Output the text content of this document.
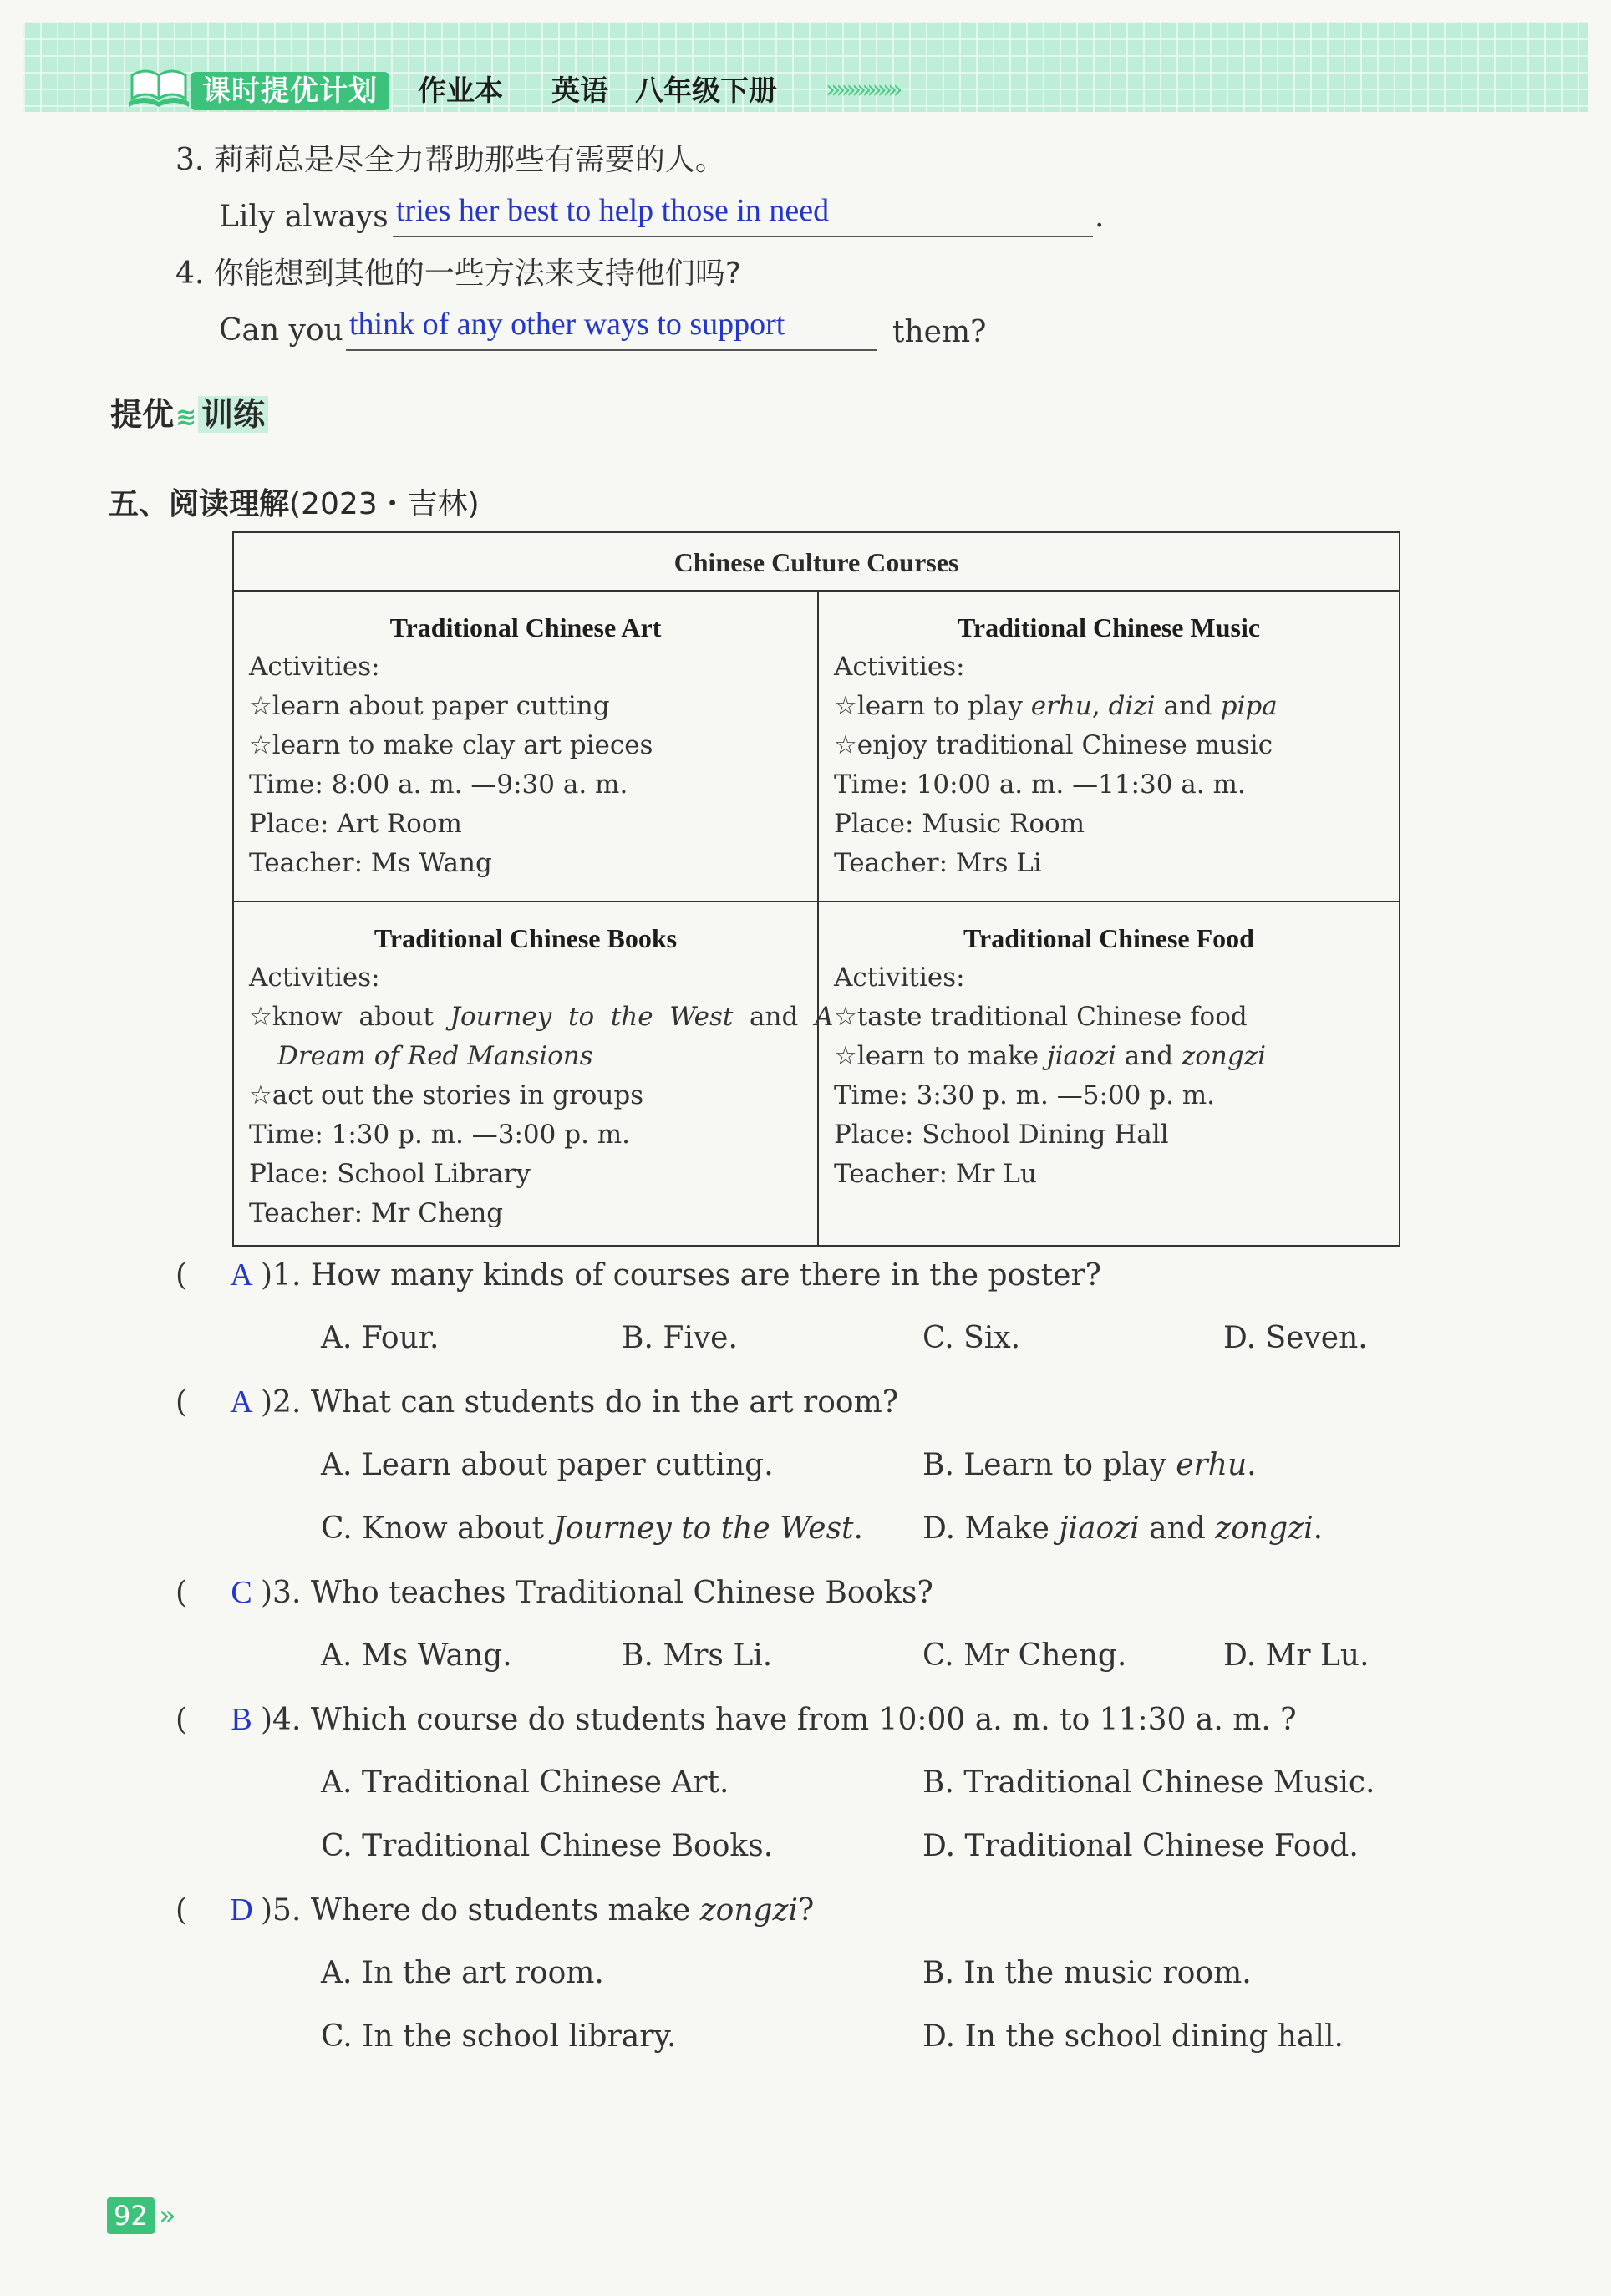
课时提优计划	作业本 英语 八年级下册 »»»»»»»
3. 莉莉总是尽全力帮助那些有需要的人。
Lily always tries her best to help those in need	.
4. 你能想到其他的一些方法来支持他们吗?
Can you think of any other ways to support	them?
提优≋ 训练
五、阅读理解(2023・吉林)
Chinese Culture Courses
Traditional Chinese Art
Activities:
☆learn about paper cutting
☆learn to make clay art pieces
Time: 8:00 a. m. —9:30 a. m.
Place: Art Room
Teacher: Ms Wang
Traditional Chinese Music
Activities:
☆learn to play erhu, dizi and pipa
☆enjoy traditional Chinese music
Time: 10:00 a. m. —11:30 a. m.
Place: Music Room
Teacher: Mrs Li
Traditional Chinese Books
Activities:
☆know  about  Journey  to  the  West  and  A
Dream of Red Mansions
☆act out the stories in groups
Time: 1:30 p. m. —3:00 p. m.
Place: School Library
Teacher: Mr Cheng
Traditional Chinese Food
Activities:
☆taste traditional Chinese food
☆learn to make jiaozi and zongzi
Time: 3:30 p. m. —5:00 p. m.
Place: School Dining Hall
Teacher: Mr Lu
( A )1. How many kinds of courses are there in the poster?
A. Four.	B. Five.	C. Six.	D. Seven.
( A )2. What can students do in the art room?
A. Learn about paper cutting.	B. Learn to play erhu.
C. Know about Journey to the West. D. Make jiaozi and zongzi.
( C )3. Who teaches Traditional Chinese Books?
A. Ms Wang.	B. Mrs Li.	C. Mr Cheng.	D. Mr Lu.
( B )4. Which course do students have from 10:00 a. m. to 11:30 a. m. ?
A. Traditional Chinese Art.	B. Traditional Chinese Music.
C. Traditional Chinese Books.	D. Traditional Chinese Food.
( D )5. Where do students make zongzi?
A. In the art room.	B. In the music room.
C. In the school library.	D. In the school dining hall.
92 »
